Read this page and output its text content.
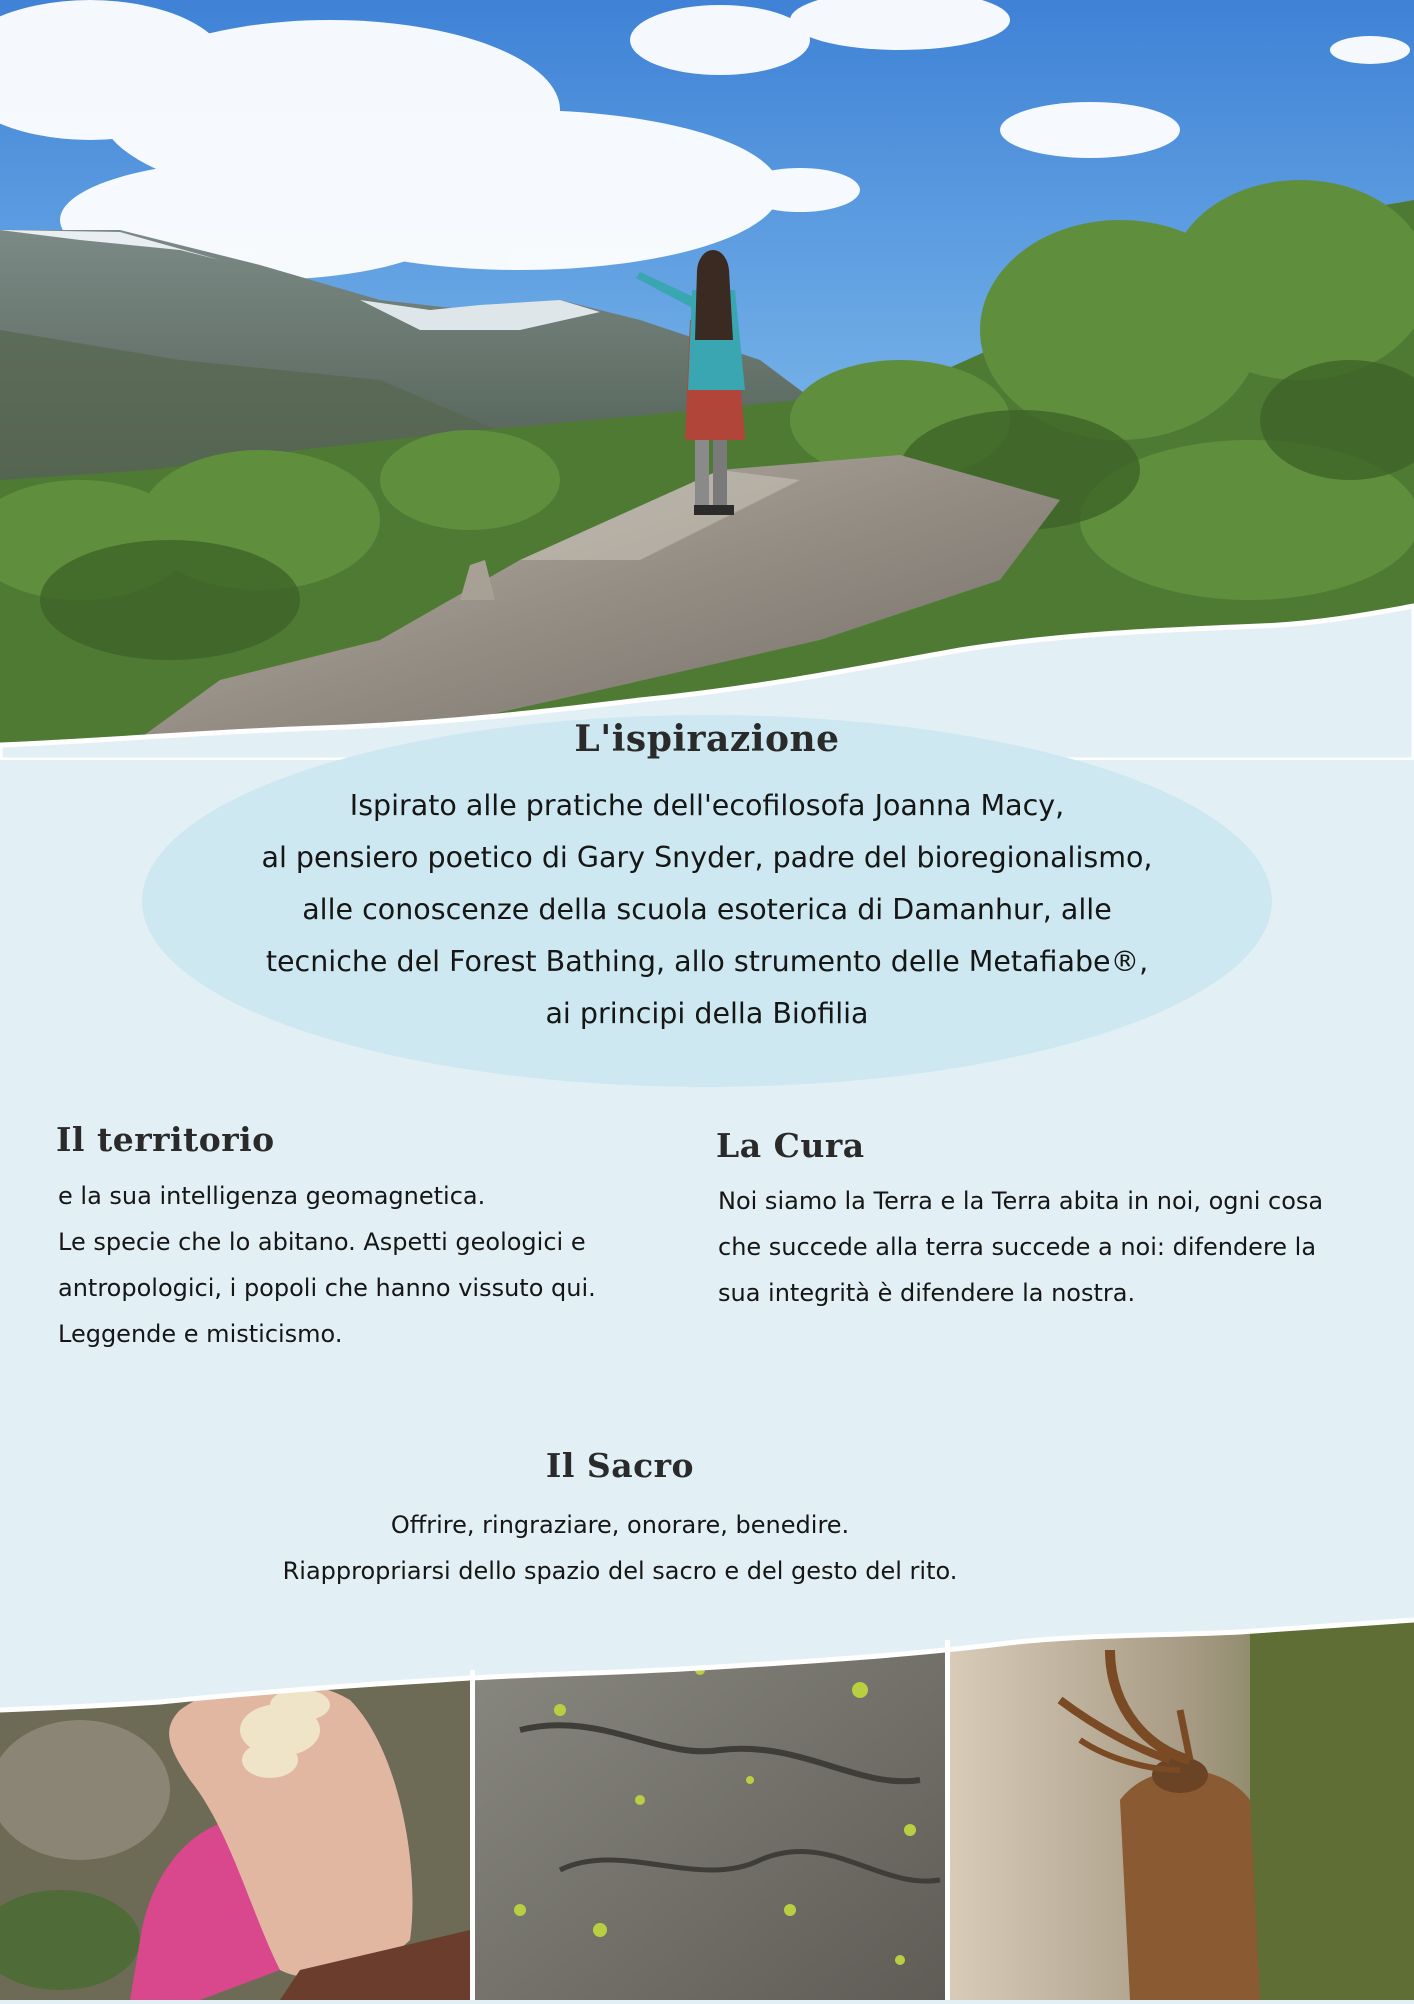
L'ispirazione
Ispirato alle pratiche dell'ecofilosofa Joanna Macy,
al pensiero poetico di Gary Snyder, padre del bioregionalismo,
alle conoscenze della scuola esoterica di Damanhur, alle
tecniche del Forest Bathing, allo strumento delle Metafiabe®,
ai principi della Biofilia
Il territorio
e la sua intelligenza geomagnetica.
Le specie che lo abitano. Aspetti geologici e
antropologici, i popoli che hanno vissuto qui.
Leggende e misticismo.
La Cura
Noi siamo la Terra e la Terra abita in noi, ogni cosa
che succede alla terra succede a noi: difendere la
sua integrità è difendere la nostra.
Il Sacro
Offrire, ringraziare, onorare, benedire.
Riappropriarsi dello spazio del sacro e del gesto del rito.
